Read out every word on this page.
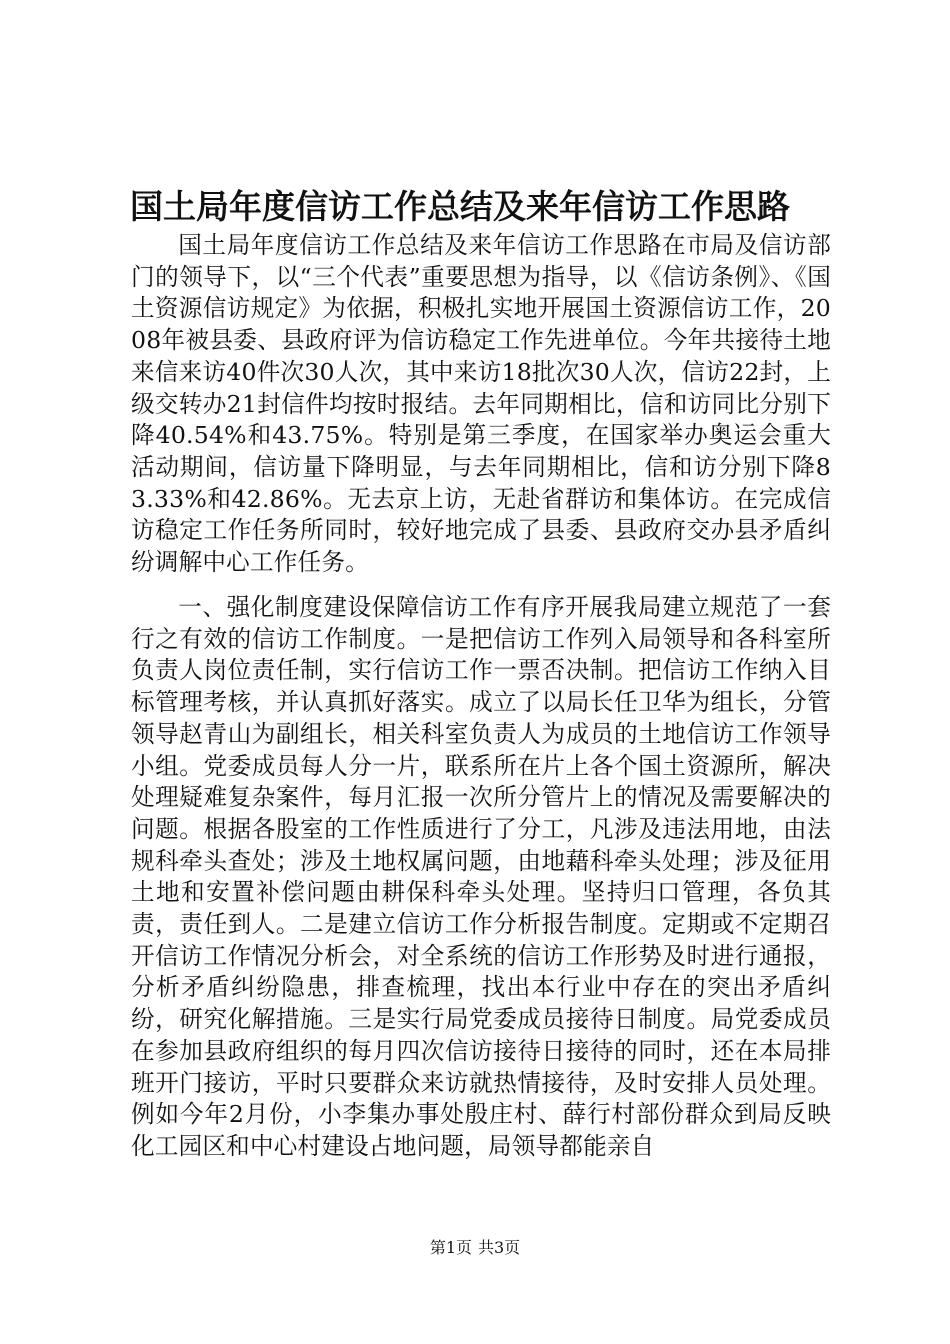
国土局年度信访工作总结及来年信访工作思路

国土局年度信访工作总结及来年信访工作思路在市局及信访部门的领导下，以“三个代表”重要思想为指导，以《信访条例》、《国土资源信访规定》为依据，积极扎实地开展国土资源信访工作，2008年被县委、县政府评为信访稳定工作先进单位。今年共接待土地来信来访40件次30人次，其中来访18批次30人次，信访22封，上级交转办21封信件均按时报结。去年同期相比，信和访同比分别下降40.54%和43.75%。特别是第三季度，在国家举办奥运会重大活动期间，信访量下降明显，与去年同期相比，信和访分别下降83.33%和42.86%。无去京上访，无赴省群访和集体访。在完成信访稳定工作任务所同时，较好地完成了县委、县政府交办县矛盾纠纷调解中心工作任务。

一、强化制度建设保障信访工作有序开展我局建立规范了一套行之有效的信访工作制度。一是把信访工作列入局领导和各科室所负责人岗位责任制，实行信访工作一票否决制。把信访工作纳入目标管理考核，并认真抓好落实。成立了以局长任卫华为组长，分管领导赵青山为副组长，相关科室负责人为成员的土地信访工作领导小组。党委成员每人分一片，联系所在片上各个国土资源所，解决处理疑难复杂案件，每月汇报一次所分管片上的情况及需要解决的问题。根据各股室的工作性质进行了分工，凡涉及违法用地，由法规科牵头查处；涉及土地权属问题，由地藉科牵头处理；涉及征用土地和安置补偿问题由耕保科牵头处理。坚持归口管理，各负其责，责任到人。二是建立信访工作分析报告制度。定期或不定期召开信访工作情况分析会，对全系统的信访工作形势及时进行通报，分析矛盾纠纷隐患，排查梳理，找出本行业中存在的突出矛盾纠纷，研究化解措施。三是实行局党委成员接待日制度。局党委成员在参加县政府组织的每月四次信访接待日接待的同时，还在本局排班开门接访，平时只要群众来访就热情接待，及时安排人员处理。例如今年2月份，小李集办事处殷庄村、薛行村部份群众到局反映化工园区和中心村建设占地问题，局领导都能亲自

第1页 共3页
